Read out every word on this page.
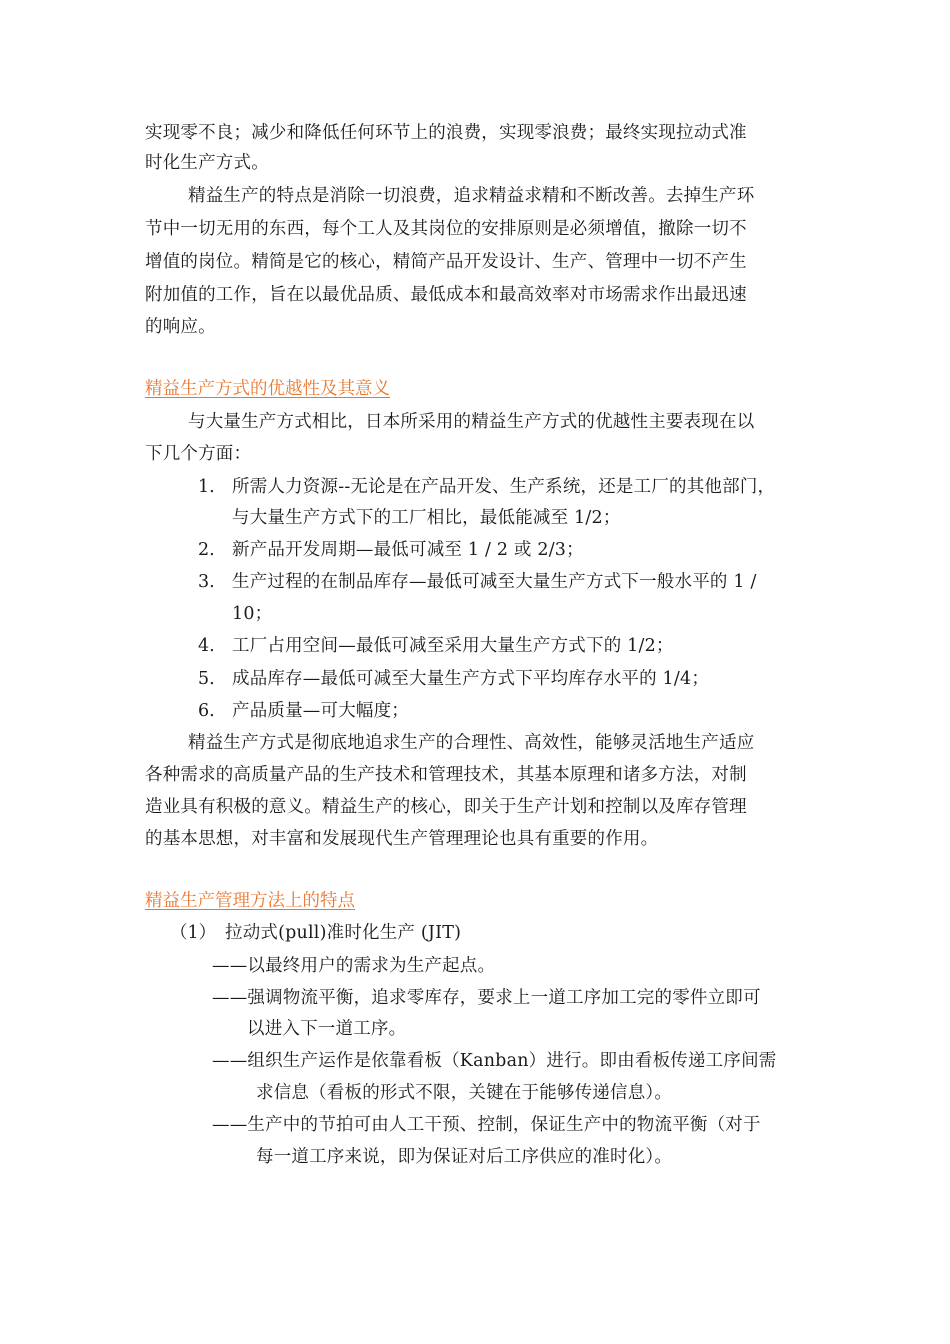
实现零不良；减少和降低任何环节上的浪费，实现零浪费；最终实现拉动式准
时化生产方式。
精益生产的特点是消除一切浪费，追求精益求精和不断改善。去掉生产环
节中一切无用的东西，每个工人及其岗位的安排原则是必须增值，撤除一切不
增值的岗位。精简是它的核心，精简产品开发设计、生产、管理中一切不产生
附加值的工作，旨在以最优品质、最低成本和最高效率对市场需求作出最迅速
的响应。
精益生产方式的优越性及其意义
与大量生产方式相比，日本所采用的精益生产方式的优越性主要表现在以
下几个方面：
1. 所需人力资源--无论是在产品开发、生产系统，还是工厂的其他部门，
与大量生产方式下的工厂相比，最低能减至 1/2；
2. 新产品开发周期—最低可减至 1 / 2 或 2/3；
3. 生产过程的在制品库存—最低可减至大量生产方式下一般水平的 1 /
10；
4. 工厂占用空间—最低可减至采用大量生产方式下的 1/2；
5. 成品库存—最低可减至大量生产方式下平均库存水平的 1/4；
6. 产品质量—可大幅度；
精益生产方式是彻底地追求生产的合理性、高效性，能够灵活地生产适应
各种需求的高质量产品的生产技术和管理技术，其基本原理和诸多方法，对制
造业具有积极的意义。精益生产的核心，即关于生产计划和控制以及库存管理
的基本思想，对丰富和发展现代生产管理理论也具有重要的作用。
精益生产管理方法上的特点
（1） 拉动式(pull)准时化生产 (JIT)
——以最终用户的需求为生产起点。
——强调物流平衡，追求零库存，要求上一道工序加工完的零件立即可
以进入下一道工序。
——组织生产运作是依靠看板（Kanban）进行。即由看板传递工序间需
求信息（看板的形式不限，关键在于能够传递信息）。
——生产中的节拍可由人工干预、控制，保证生产中的物流平衡（对于
每一道工序来说，即为保证对后工序供应的准时化）。
